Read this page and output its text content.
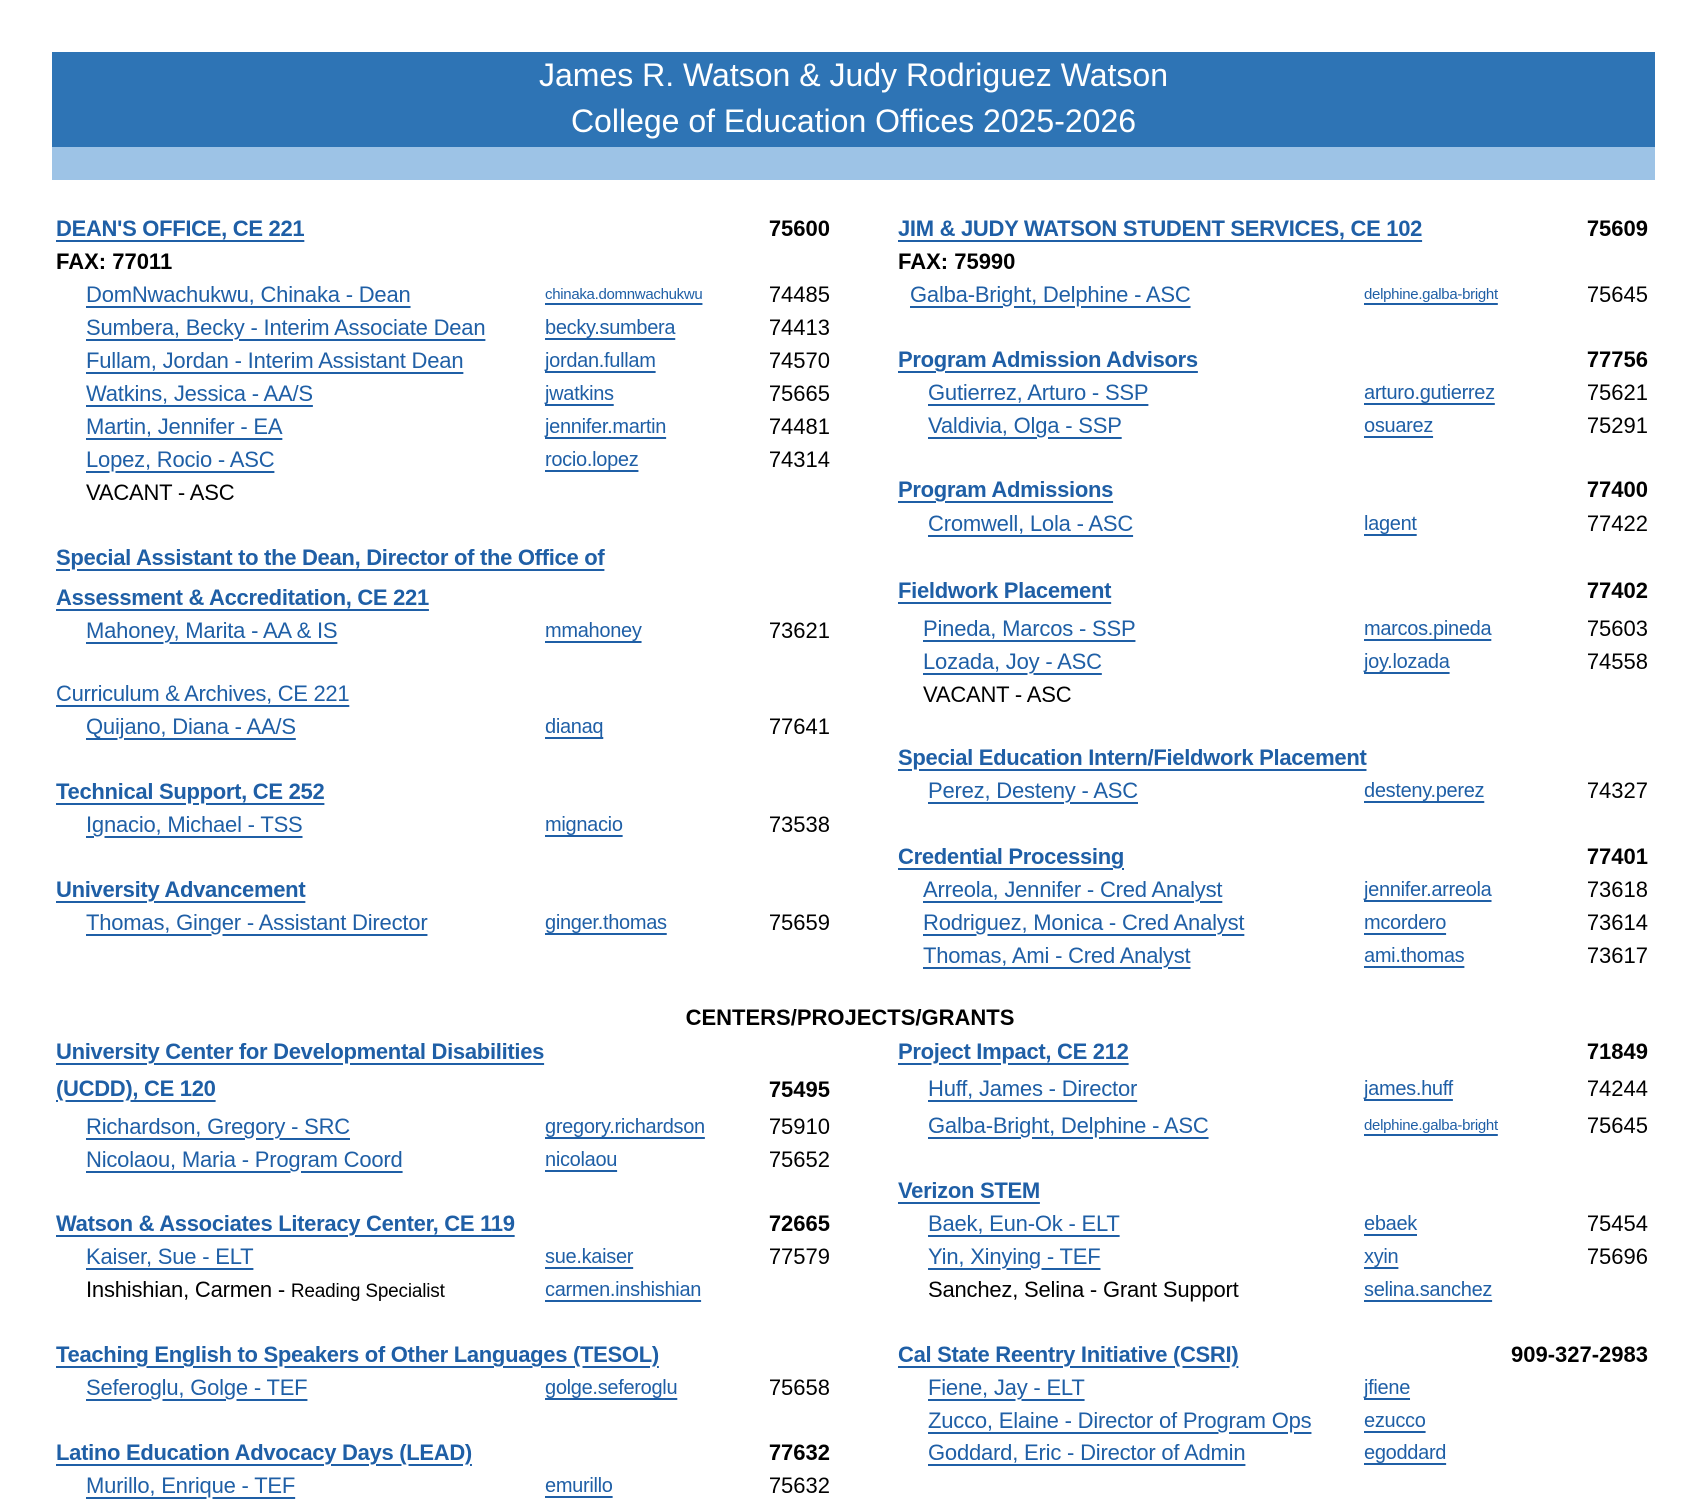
James R. Watson & Judy Rodriguez Watson
College of Education Offices 2025-2026
DEAN'S OFFICE, CE 221	75600
FAX: 77011
DomNwachukwu, Chinaka - Dean	chinaka.domnwachukwu	74485
Sumbera, Becky - Interim Associate Dean	becky.sumbera	74413
Fullam, Jordan - Interim Assistant Dean	jordan.fullam	74570
Watkins, Jessica - AA/S	jwatkins	75665
Martin, Jennifer - EA	jennifer.martin	74481
Lopez, Rocio - ASC	rocio.lopez	74314
VACANT - ASC
Special Assistant to the Dean, Director of the Office of
Assessment & Accreditation, CE 221
Mahoney, Marita - AA & IS	mmahoney	73621
Curriculum & Archives, CE 221
Quijano, Diana - AA/S	dianaq	77641
Technical Support, CE 252
Ignacio, Michael - TSS	mignacio	73538
University Advancement
Thomas, Ginger - Assistant Director	ginger.thomas	75659
JIM & JUDY WATSON STUDENT SERVICES, CE 102	75609
FAX: 75990
Galba-Bright, Delphine - ASC	delphine.galba-bright	75645
Program Admission Advisors	77756
Gutierrez, Arturo - SSP	arturo.gutierrez	75621
Valdivia, Olga - SSP	osuarez	75291
Program Admissions	77400
Cromwell, Lola - ASC	lagent	77422
Fieldwork Placement	77402
Pineda, Marcos - SSP	marcos.pineda	75603
Lozada, Joy - ASC	joy.lozada	74558
VACANT - ASC
Special Education Intern/Fieldwork Placement
Perez, Desteny - ASC	desteny.perez	74327
Credential Processing	77401
Arreola, Jennifer - Cred Analyst	jennifer.arreola	73618
Rodriguez, Monica - Cred Analyst	mcordero	73614
Thomas, Ami - Cred Analyst	ami.thomas	73617
CENTERS/PROJECTS/GRANTS
University Center for Developmental Disabilities
(UCDD), CE 120	75495
Richardson, Gregory - SRC	gregory.richardson	75910
Nicolaou, Maria - Program Coord	nicolaou	75652
Watson & Associates Literacy Center, CE 119	72665
Kaiser, Sue - ELT	sue.kaiser	77579
Inshishian, Carmen - Reading Specialist	carmen.inshishian
Teaching English to Speakers of Other Languages (TESOL)
Seferoglu, Golge - TEF	golge.seferoglu	75658
Latino Education Advocacy Days (LEAD)	77632
Murillo, Enrique - TEF	emurillo	75632
Project Impact, CE 212	71849
Huff, James - Director	james.huff	74244
Galba-Bright, Delphine - ASC	delphine.galba-bright	75645
Verizon STEM
Baek, Eun-Ok - ELT	ebaek	75454
Yin, Xinying - TEF	xyin	75696
Sanchez, Selina - Grant Support	selina.sanchez
Cal State Reentry Initiative (CSRI)	909-327-2983
Fiene, Jay - ELT	jfiene
Zucco, Elaine - Director of Program Ops	ezucco
Goddard, Eric - Director of Admin	egoddard
